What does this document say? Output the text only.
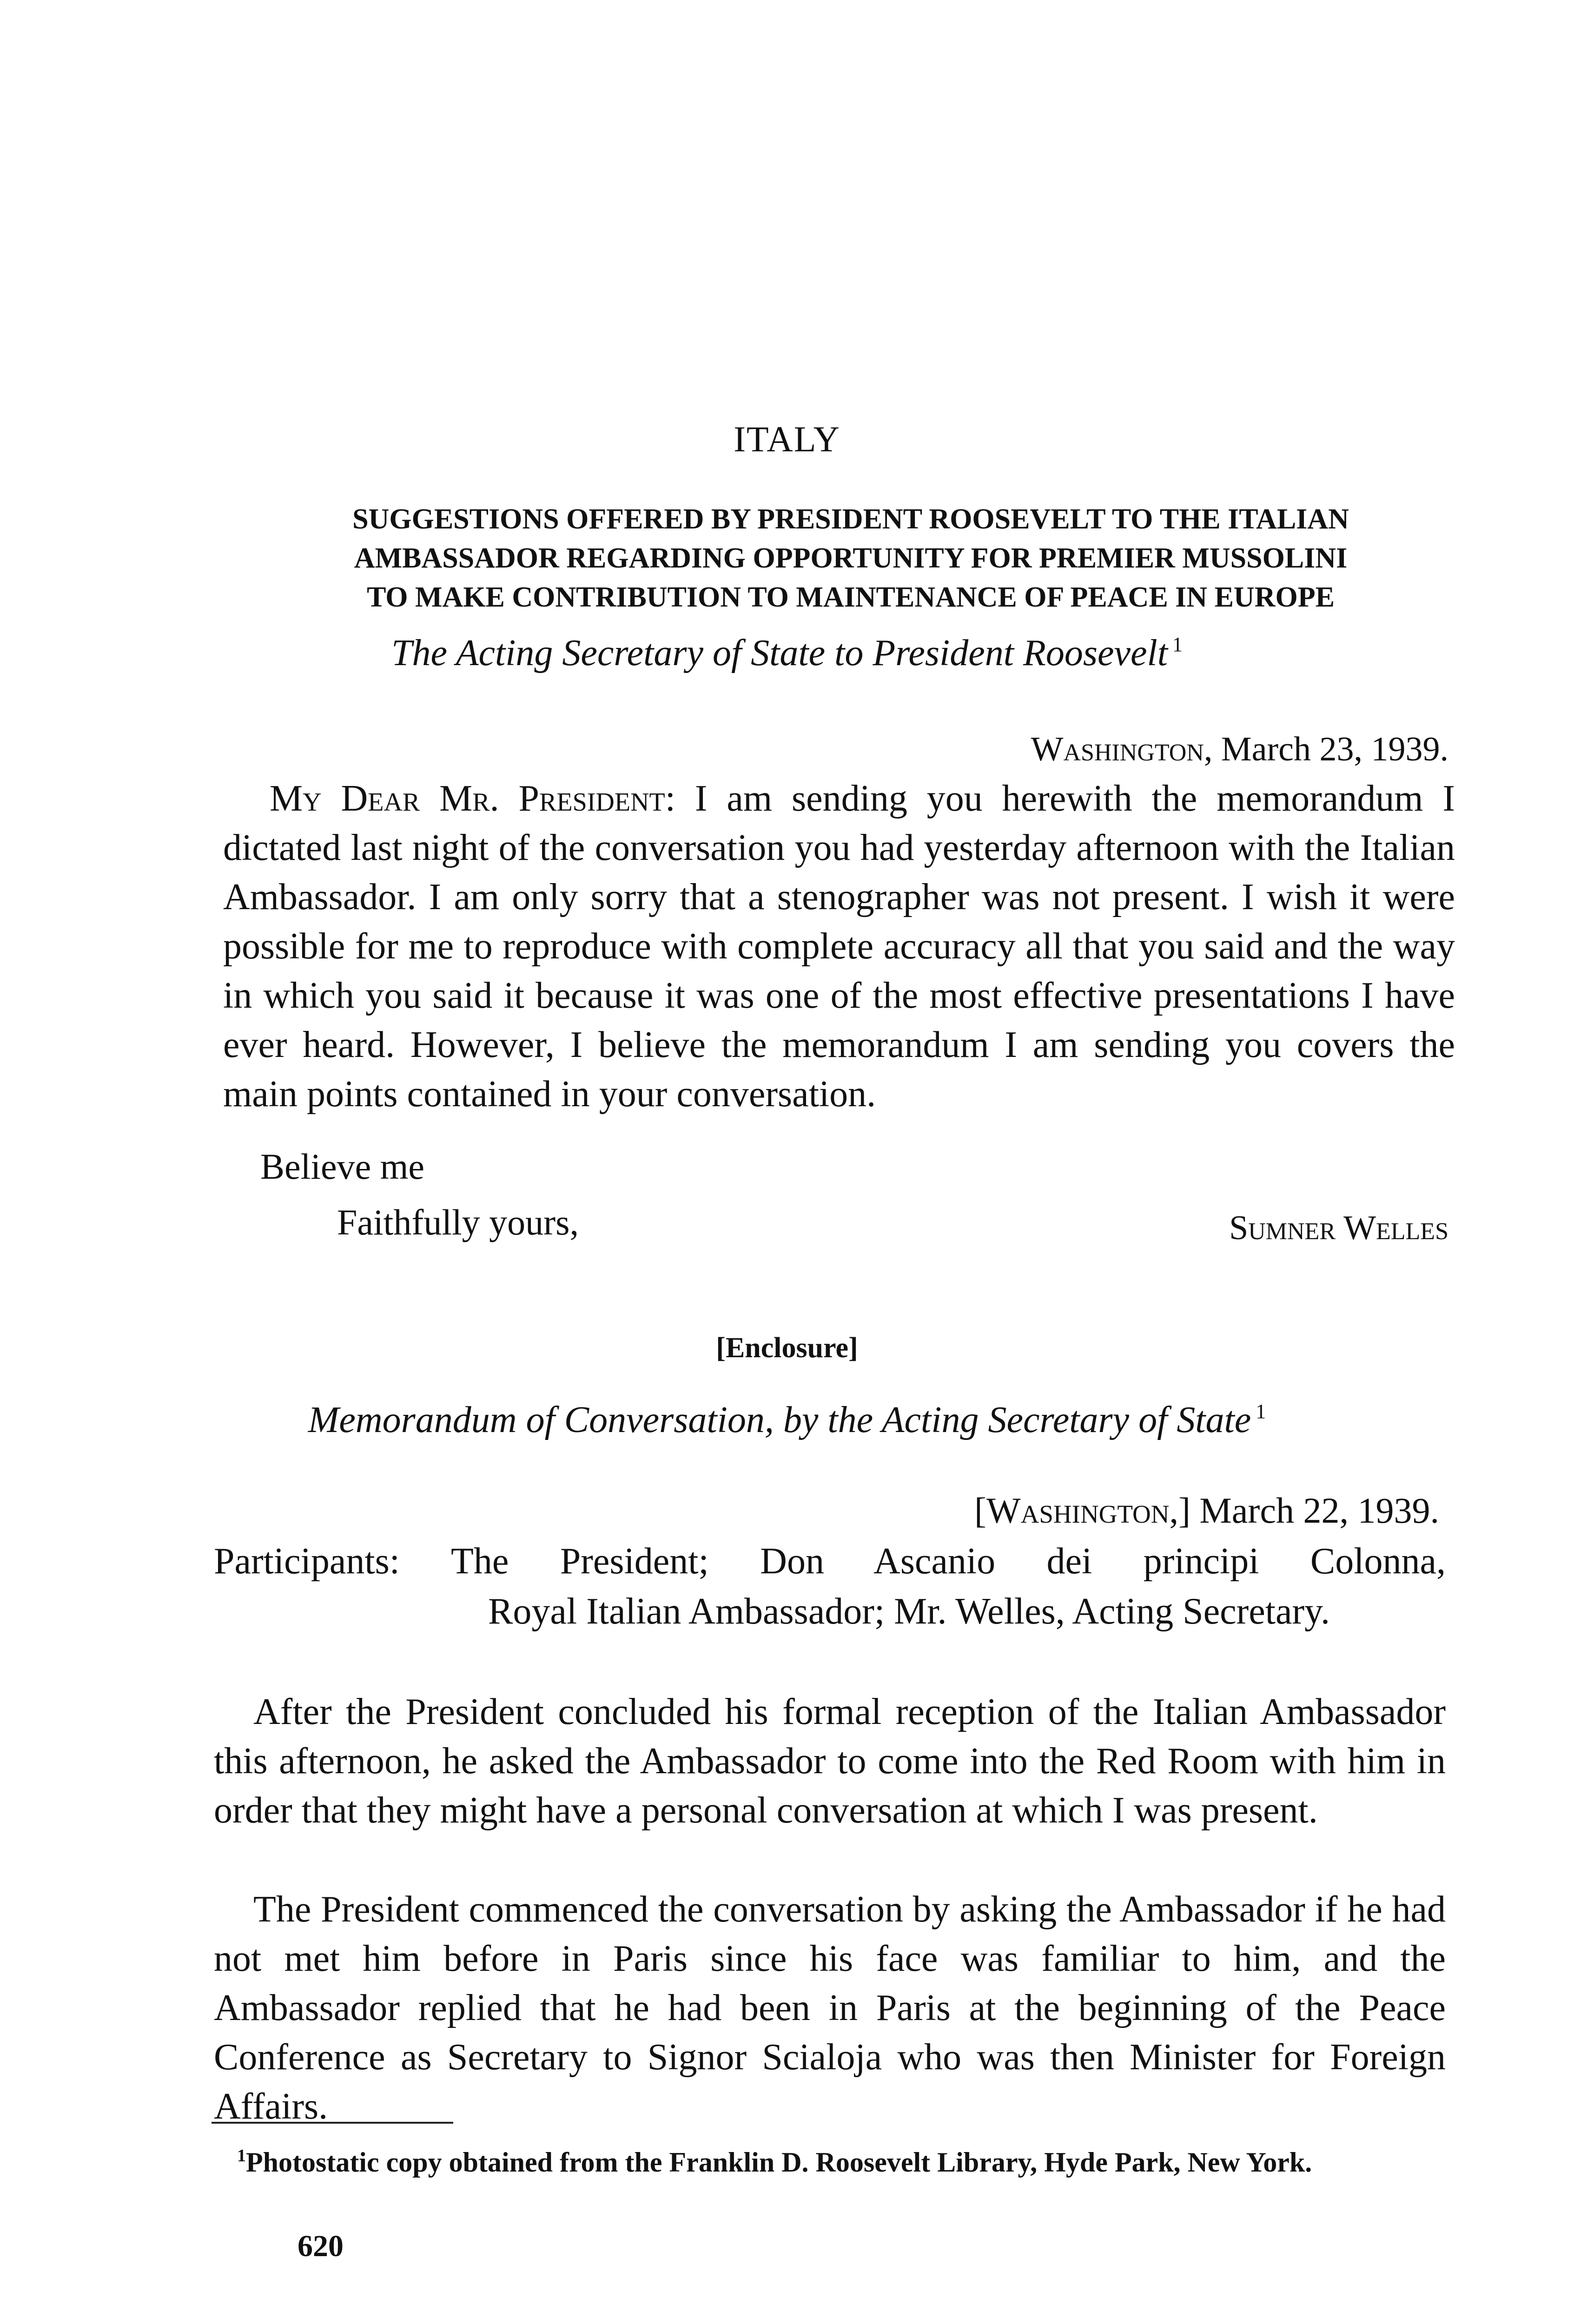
ITALY
SUGGESTIONS OFFERED BY PRESIDENT ROOSEVELT TO THE ITALIAN
AMBASSADOR REGARDING OPPORTUNITY FOR PREMIER MUSSOLINI
TO MAKE CONTRIBUTION TO MAINTENANCE OF PEACE IN EUROPE
The Acting Secretary of State to President Roosevelt $^1$
Washington, March 23, 1939.

My Dear Mr. President: I am sending you herewith the memorandum I dictated last night of the conversation you had yesterday afternoon with the Italian Ambassador. I am only sorry that a stenographer was not present. I wish it were possible for me to reproduce with complete accuracy all that you said and the way in which you said it because it was one of the most effective presentations I have ever heard. However, I believe the memorandum I am sending you covers the main points contained in your conversation.

Believe me
Faithfully yours,	Sumner Welles
[Enclosure]
Memorandum of Conversation, by the Acting Secretary of State $^1$
[Washington,] March 22, 1939.
Participants:	The President; Don Ascanio dei principi Colonna,
Royal Italian Ambassador; Mr. Welles, Acting Secretary.

After the President concluded his formal reception of the Italian Ambassador this afternoon, he asked the Ambassador to come into the Red Room with him in order that they might have a personal conversation at which I was present.

The President commenced the conversation by asking the Ambassador if he had not met him before in Paris since his face was familiar to him, and the Ambassador replied that he had been in Paris at the beginning of the Peace Conference as Secretary to Signor Scialoja who was then Minister for Foreign Affairs.

$^1$Photostatic copy obtained from the Franklin D. Roosevelt Library, Hyde Park, New York.

620
